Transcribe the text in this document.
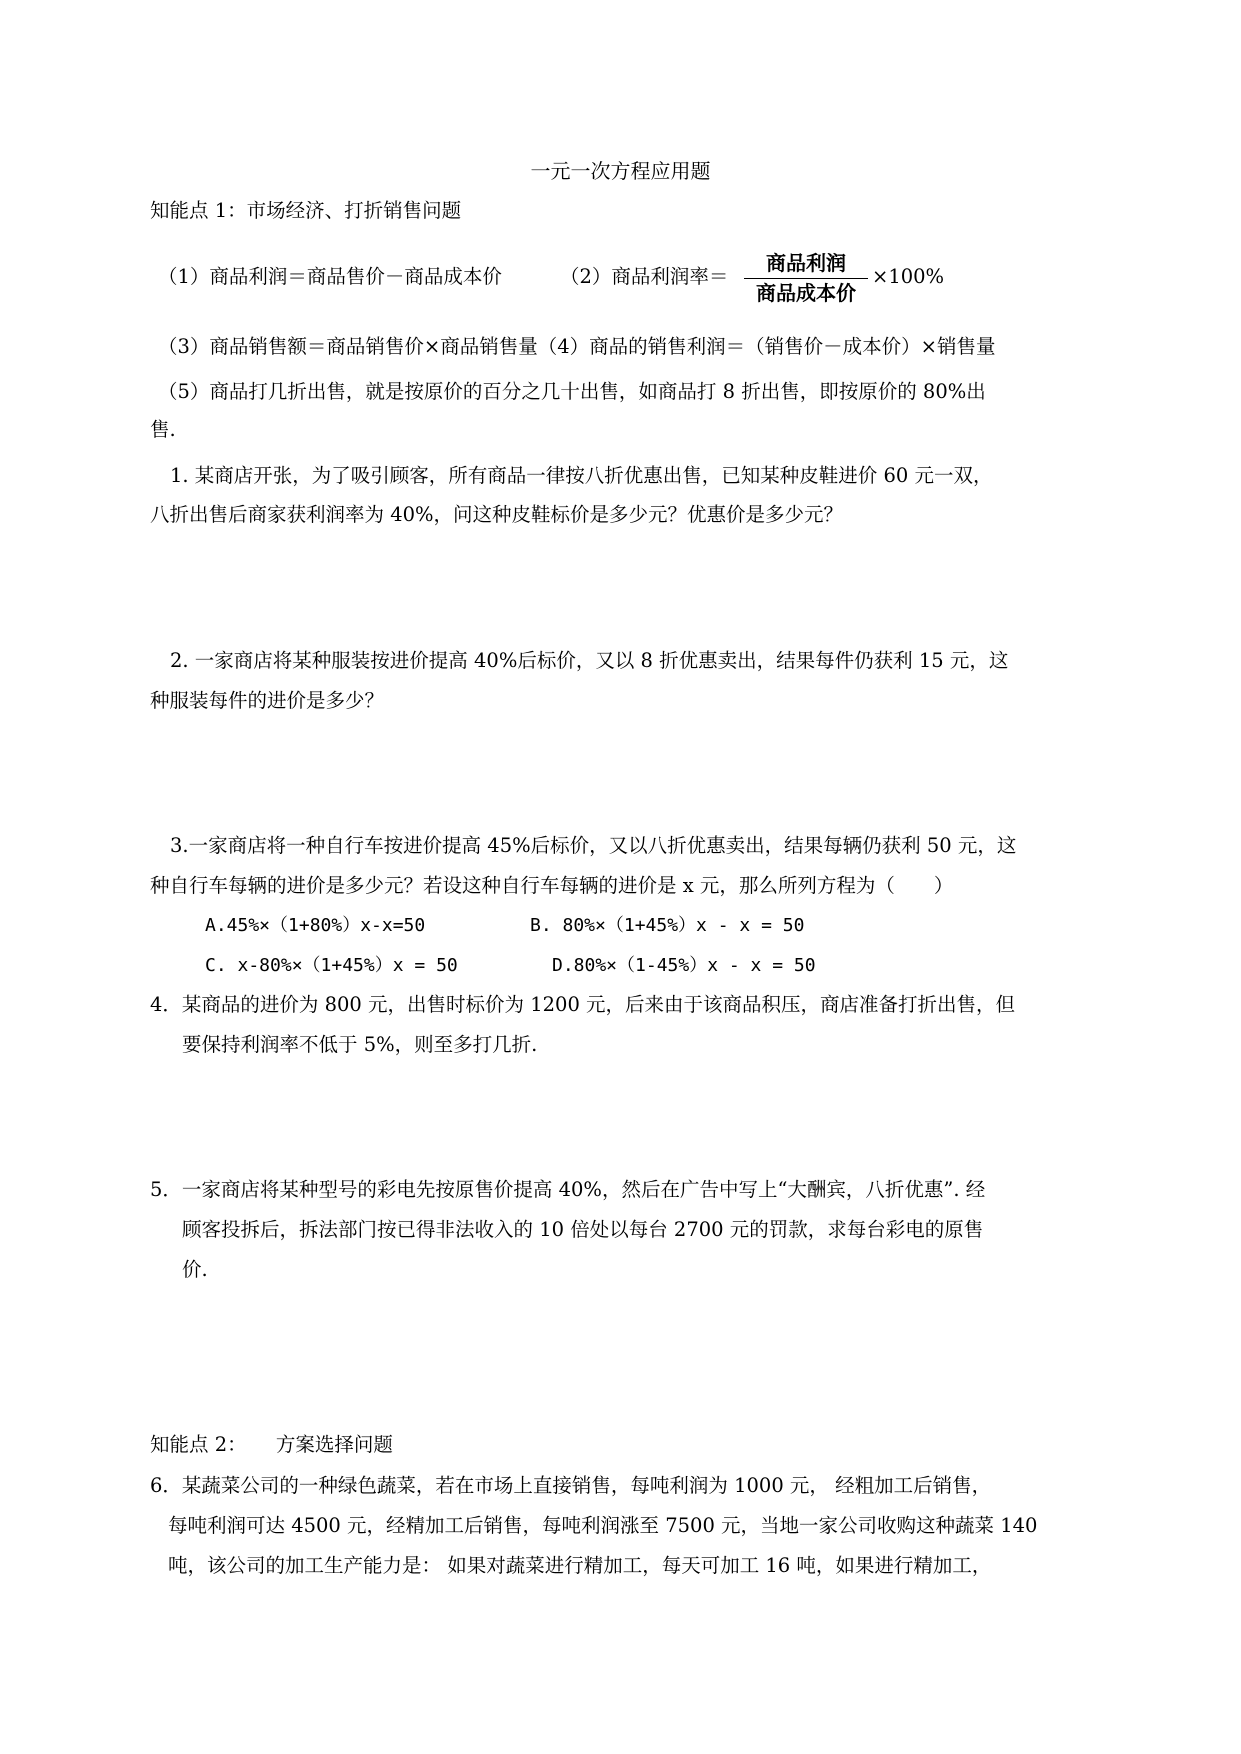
一元一次方程应用题
知能点 1：市场经济、打折销售问题
（1）商品利润＝商品售价－商品成本价	（2）商品利润率＝
商品利润
商品成本价
×100%
（3）商品销售额＝商品销售价×商品销售量（4）商品的销售利润＝（销售价－成本价）×销售量
（5）商品打几折出售，就是按原价的百分之几十出售，如商品打 8 折出售，即按原价的 80%出
售.
1. 某商店开张，为了吸引顾客，所有商品一律按八折优惠出售，已知某种皮鞋进价 60 元一双，
八折出售后商家获利润率为 40%，问这种皮鞋标价是多少元？优惠价是多少元？
2. 一家商店将某种服装按进价提高 40%后标价，又以 8 折优惠卖出，结果每件仍获利 15 元，这
种服装每件的进价是多少？
3.一家商店将一种自行车按进价提高 45%后标价，又以八折优惠卖出，结果每辆仍获利 50 元，这
种自行车每辆的进价是多少元？若设这种自行车每辆的进价是 x 元，那么所列方程为（　　）
A.45%×（1+80%）x-x=50	B. 80%×（1+45%）x - x = 50
C. x-80%×（1+45%）x = 50	D.80%×（1-45%）x - x = 50
4．某商品的进价为 800 元，出售时标价为 1200 元，后来由于该商品积压，商店准备打折出售，但
要保持利润率不低于 5%，则至多打几折.
5．一家商店将某种型号的彩电先按原售价提高 40%，然后在广告中写上“大酬宾，八折优惠”. 经
顾客投拆后，拆法部门按已得非法收入的 10 倍处以每台 2700 元的罚款，求每台彩电的原售
价.
知能点 2：　　方案选择问题
6．某蔬菜公司的一种绿色蔬菜，若在市场上直接销售，每吨利润为 1000 元， 经粗加工后销售，
每吨利润可达 4500 元，经精加工后销售，每吨利润涨至 7500 元，当地一家公司收购这种蔬菜 140
吨，该公司的加工生产能力是： 如果对蔬菜进行精加工，每天可加工 16 吨，如果进行精加工，
